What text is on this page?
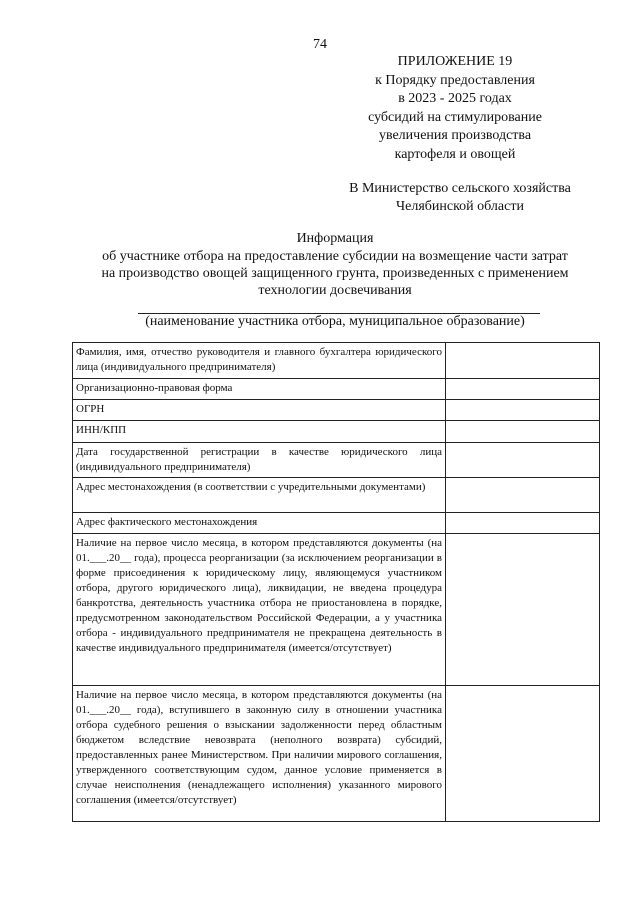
74
ПРИЛОЖЕНИЕ 19
к Порядку предоставления
в 2023 - 2025 годах
субсидий на стимулирование
увеличения производства
картофеля и овощей
В Министерство сельского хозяйства
Челябинской области
Информация
об участнике отбора на предоставление субсидии на возмещение части затрат
на производство овощей защищенного грунта, произведенных с применением
технологии досвечивания
(наименование участника отбора, муниципальное образование)
Фамилия, имя, отчество руководителя и главного бухгалтера юридического лица (индивидуального предпринимателя)	
Организационно-правовая форма	
ОГРН	
ИНН/КПП	
Дата государственной регистрации в качестве юридического лица (индивидуального предпринимателя)	
Адрес местонахождения (в соответствии с учредительными документами)	
Адрес фактического местонахождения	
Наличие на первое число месяца, в котором представляются документы (на 01.___.20__ года), процесса реорганизации (за исключением реорганизации в форме присоединения к юридическому лицу, являющемуся участником отбора, другого юридического лица), ликвидации, не введена процедура банкротства, деятельность участника отбора не приостановлена в порядке, предусмотренном законодательством Российской Федерации, а у участника отбора - индивидуального предпринимателя не прекращена деятельность в качестве индивидуального предпринимателя (имеется/отсутствует)	
Наличие на первое число месяца, в котором представляются документы (на 01.___.20__ года), вступившего в законную силу в отношении участника отбора судебного решения о взыскании задолженности перед областным бюджетом вследствие невозврата (неполного возврата) субсидий, предоставленных ранее Министерством. При наличии мирового соглашения, утвержденного соответствующим судом, данное условие применяется в случае неисполнения (ненадлежащего исполнения) указанного мирового соглашения (имеется/отсутствует)	
